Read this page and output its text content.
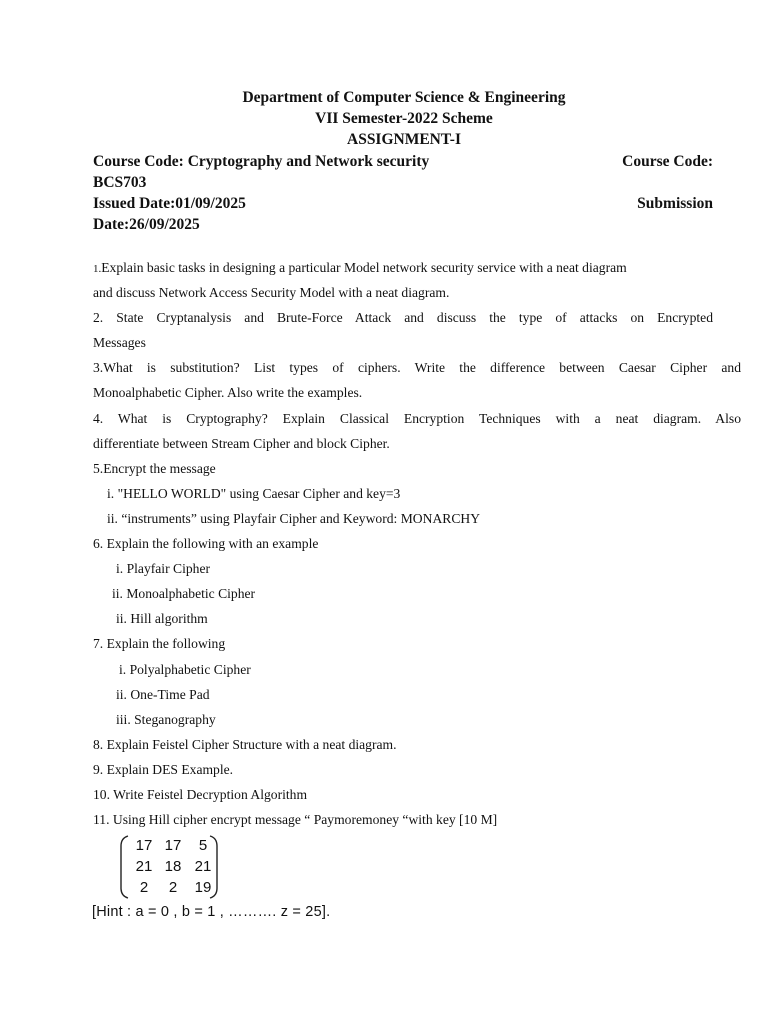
Department of Computer Science & Engineering
VII Semester-2022 Scheme
ASSIGNMENT-I
Course Code: Cryptography and Network security	Course Code:
BCS703
Issued Date:01/09/2025	Submission
Date:26/09/2025
1.Explain basic tasks in designing a particular Model network security service with a neat diagram
and discuss Network Access Security Model with a neat diagram.
2. State Cryptanalysis and Brute-Force Attack and discuss the type of attacks on Encrypted
Messages
3.What is substitution? List types of ciphers. Write the difference between Caesar Cipher and
Monoalphabetic Cipher. Also write the examples.
4. What is Cryptography? Explain Classical Encryption Techniques with a neat diagram. Also
differentiate between Stream Cipher and block Cipher.
5.Encrypt the message
i. "HELLO WORLD" using Caesar Cipher and key=3
ii. “instruments” using Playfair Cipher and Keyword: MONARCHY
6. Explain the following with an example
i. Playfair Cipher
ii. Monoalphabetic Cipher
ii. Hill algorithm
7. Explain the following
i. Polyalphabetic Cipher
ii. One-Time Pad
iii. Steganography
8. Explain Feistel Cipher Structure with a neat diagram.
9. Explain DES Example.
10. Write Feistel Decryption Algorithm
11. Using Hill cipher encrypt message “ Paymoremoney “with key [10 M]
17 17	5
21 18 21
2	2	19
[Hint : a = 0 , b = 1 , ………. z = 25].
